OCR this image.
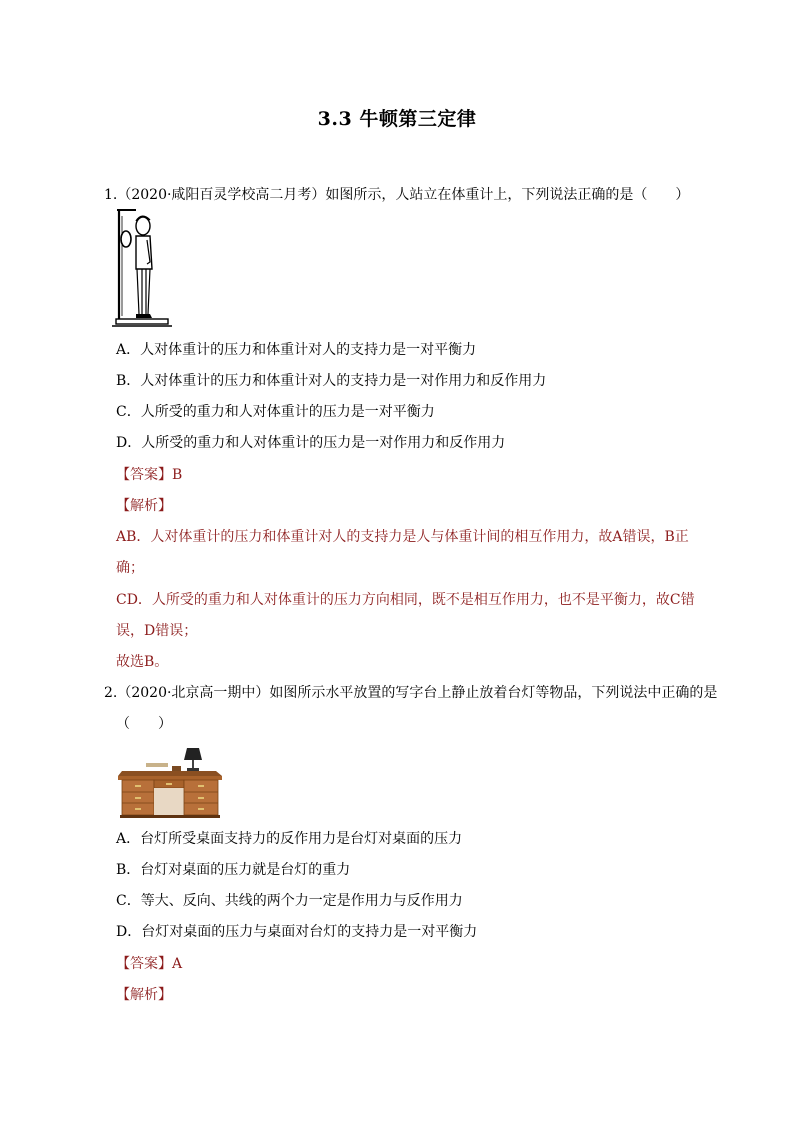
3.3 牛顿第三定律
1.（2020·咸阳百灵学校高二月考）如图所示，人站立在体重计上，下列说法正确的是（　　）
A．人对体重计的压力和体重计对人的支持力是一对平衡力
B．人对体重计的压力和体重计对人的支持力是一对作用力和反作用力
C．人所受的重力和人对体重计的压力是一对平衡力
D．人所受的重力和人对体重计的压力是一对作用力和反作用力
【答案】B
【解析】
AB．人对体重计的压力和体重计对人的支持力是人与体重计间的相互作用力，故A错误，B正
确；
CD．人所受的重力和人对体重计的压力方向相同，既不是相互作用力，也不是平衡力，故C错
误，D错误；
故选B。
2.（2020·北京高一期中）如图所示水平放置的写字台上静止放着台灯等物品，下列说法中正确的是
（　　）
A．台灯所受桌面支持力的反作用力是台灯对桌面的压力
B．台灯对桌面的压力就是台灯的重力
C．等大、反向、共线的两个力一定是作用力与反作用力
D．台灯对桌面的压力与桌面对台灯的支持力是一对平衡力
【答案】A
【解析】
